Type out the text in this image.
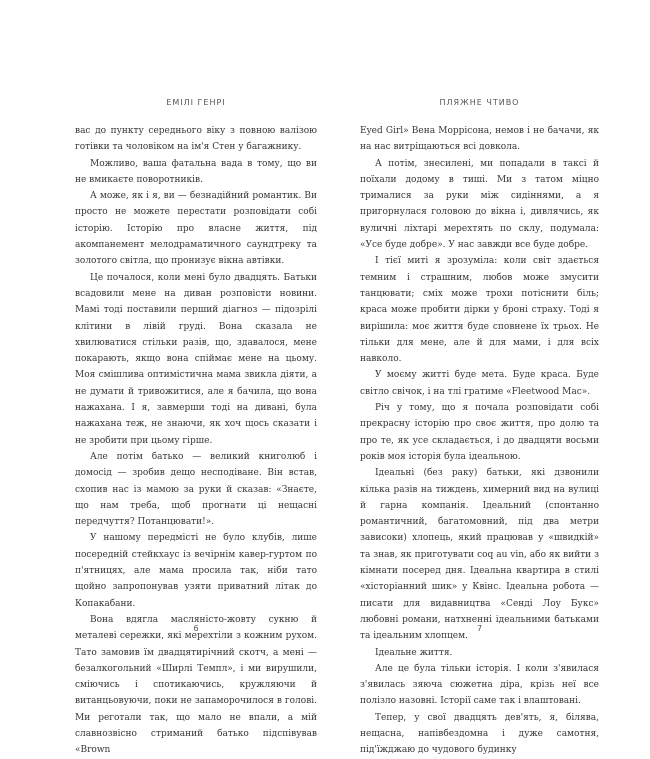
ЕМІЛІ ГЕНРІ

вас до пункту середнього віку з повною валізою готівки та чоловіком на ім'я Стен у багажнику.

Можливо, ваша фатальна вада в тому, що ви не вмикаєте поворотників.

А може, як і я, ви — безнадійний романтик. Ви просто не можете перестати розповідати собі історію. Історію про власне життя, під акомпанемент мелодраматичного саундтреку та золотого світла, що пронизує вікна автівки.

Це почалося, коли мені було двадцять. Батьки всадовили мене на диван розповісти новини. Мамі тоді поставили перший діагноз — підозрілі клітини в лівій груді. Вона сказала не хвилюватися стільки разів, що, здавалося, мене покарають, якщо вона спіймає мене на цьому. Моя смішлива оптимістична мама звикла діяти, а не думати й тривожитися, але я бачила, що вона нажахана. І я, завмерши тоді на дивані, була нажахана теж, не знаючи, як хоч щось сказати і не зробити при цьому гірше.

Але потім батько — великий книголюб і домосід — зробив дещо несподіване. Він встав, схопив нас із мамою за руки й сказав: «Знаєте, що нам треба, щоб прогнати ці нещасні передчуття? Потанцювати!».

У нашому передмісті не було клубів, лише посередній стейкхаус із вечірнім кавер-гуртом по п'ятницях, але мама просила так, ніби тато щойно запропонував узяти приватний літак до Копакабани.

Вона вдягла масляністо-жовту сукню й металеві сережки, які мерехтіли з кожним рухом. Тато замовив їм двадцятирічний скотч, а мені — безалкогольний «Ширлі Темпл», і ми вирушили, сміючись і спотикаючись, кружляючи й витанцьовуючи, поки не запаморочилося в голові. Ми реготали так, що мало не впали, а мій славнозвісно стриманий батько підспівував «Brown

6
ПЛЯЖНЕ ЧТИВО

Eyed Girl» Вена Моррісона, немов і не бачачи, як на нас витріщаються всі довкола.

А потім, знесилені, ми попадали в таксі й поїхали додому в тиші. Ми з татом міцно трималися за руки між сидіннями, а я пригорнулася головою до вікна і, дивлячись, як вуличні ліхтарі мерехтять по склу, подумала: «Усе буде добре». У нас завжди все буде добре.

І тієї миті я зрозуміла: коли світ здається темним і страшним, любов може змусити танцювати; сміх може трохи потіснити біль; краса може пробити дірки у броні страху. Тоді я вирішила: моє життя буде сповнене їх трьох. Не тільки для мене, але й для мами, і для всіх навколо.

У моєму житті буде мета. Буде краса. Буде світло свічок, і на тлі гратиме «Fleetwood Mac».

Річ у тому, що я почала розповідати собі прекрасну історію про своє життя, про долю та про те, як усе складається, і до двадцяти восьми років моя історія була ідеальною.

Ідеальні (без раку) батьки, які дзвонили кілька разів на тиждень, химерний вид на вулиці й гарна компанія. Ідеальний (спонтанно романтичний, багатомовний, під два метри зависоки) хлопець, який працював у «швидкій» та знав, як приготувати coq au vin, або як вийти з кімнати посеред дня. Ідеальна квартира в стилі «хісторіанний шик» у Квінс. Ідеальна робота — писати для видавництва «Сенді Лоу Букс» любовні романи, натхненні ідеальними батьками та ідеальним хлопцем.

Ідеальне життя.

Але це була тільки історія. І коли з'явилася з'явилась зяюча сюжетна діра, крізь неї все полізло назовні. Історії саме так і влаштовані.

Тепер, у свої двадцять дев'ять, я, білява, нещасна, напівбездомна і дуже самотня, під'їжджаю до чудового будинку

7
